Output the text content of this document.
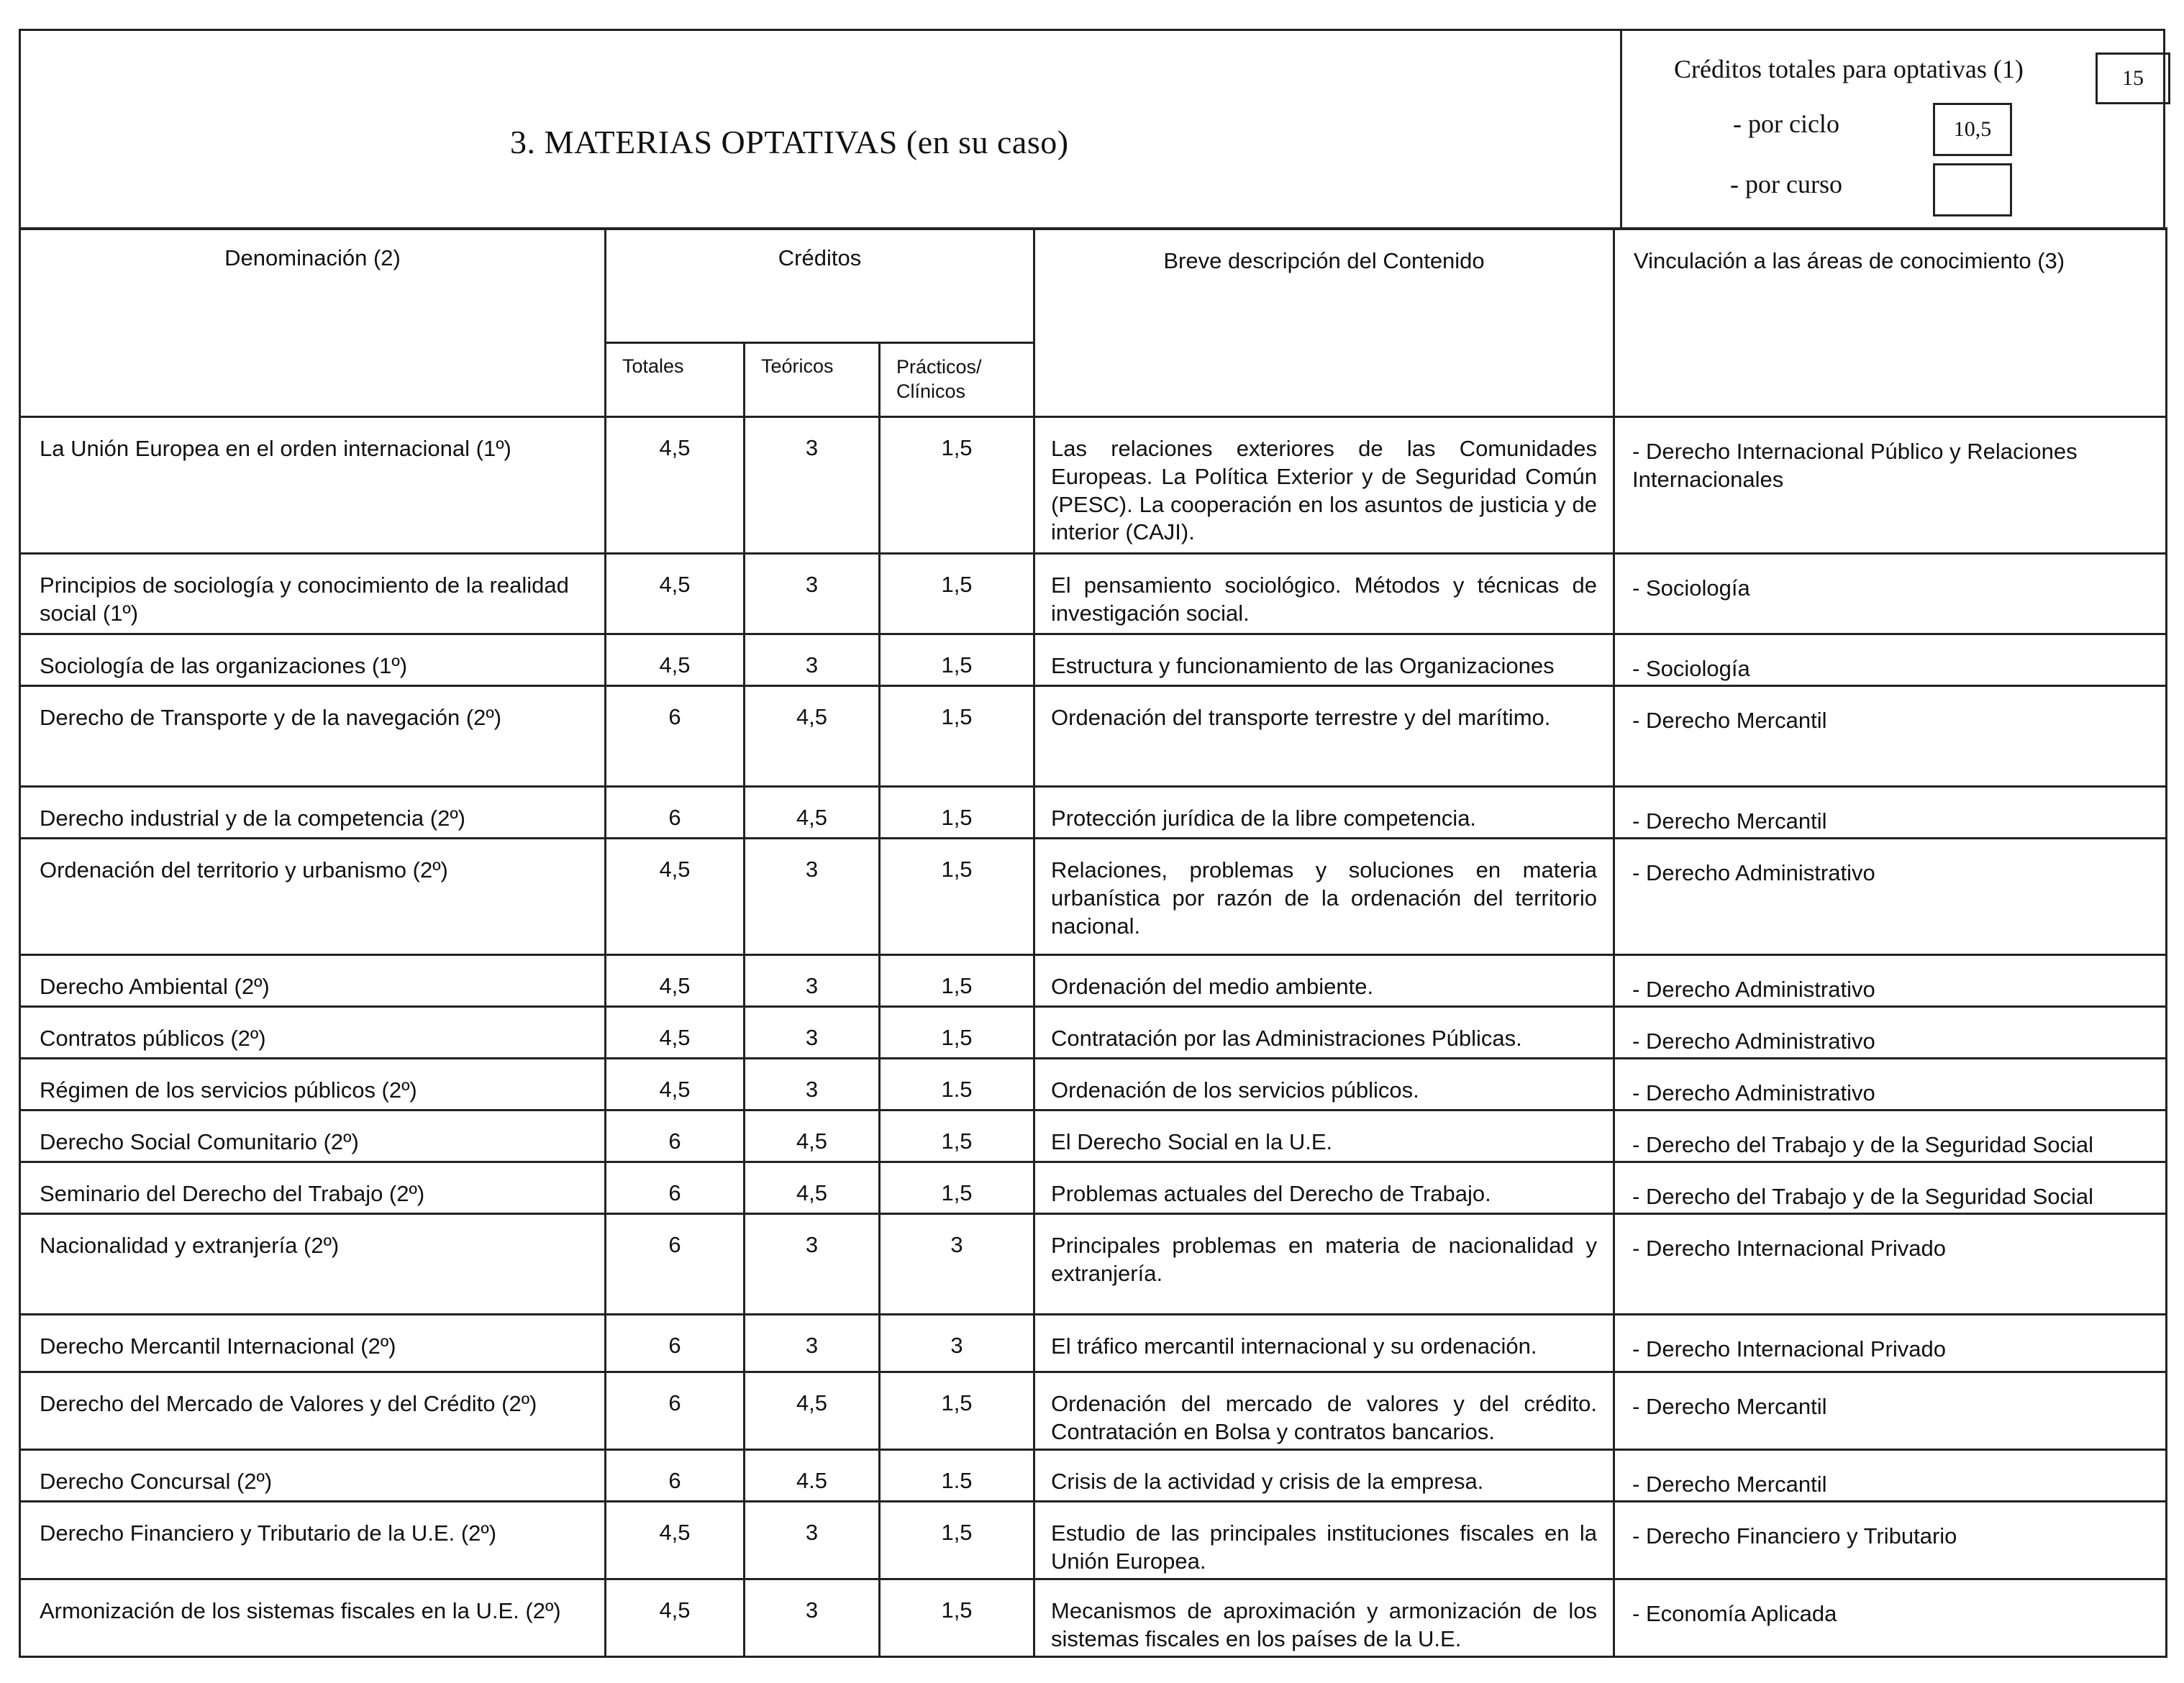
3. MATERIAS OPTATIVAS (en su caso)
Créditos totales para optativas (1)	15
- por ciclo	10,5
- por curso
Denominación (2)	Créditos			Breve descripción del Contenido	Vinculación a las áreas de conocimiento (3)
	Totales	Teóricos	Prácticos/ Clínicos		
La Unión Europea en el orden internacional (1º)	4,5	3	1,5	Las relaciones exteriores de las Comunidades Europeas. La Política Exterior y de Seguridad Común (PESC). La cooperación en los asuntos de justicia y de interior (CAJI).	- Derecho Internacional Público y Relaciones Internacionales
Principios de sociología y conocimiento de la realidad social (1º)	4,5	3	1,5	El pensamiento sociológico. Métodos y técnicas de investigación social.	- Sociología
Sociología de las organizaciones (1º)	4,5	3	1,5	Estructura y funcionamiento de las Organizaciones	- Sociología
Derecho de Transporte y de la navegación (2º)	6	4,5	1,5	Ordenación del transporte terrestre y del marítimo.	- Derecho Mercantil
Derecho industrial y de la competencia (2º)	6	4,5	1,5	Protección jurídica de la libre competencia.	- Derecho Mercantil
Ordenación del territorio y urbanismo (2º)	4,5	3	1,5	Relaciones, problemas y soluciones en materia urbanística por razón de la ordenación del territorio nacional.	- Derecho Administrativo
Derecho Ambiental (2º)	4,5	3	1,5	Ordenación del medio ambiente.	- Derecho Administrativo
Contratos públicos (2º)	4,5	3	1,5	Contratación por las Administraciones Públicas.	- Derecho Administrativo
Régimen de los servicios públicos (2º)	4,5	3	1.5	Ordenación de los servicios públicos.	- Derecho Administrativo
Derecho Social Comunitario (2º)	6	4,5	1,5	El Derecho Social en la U.E.	- Derecho del Trabajo y de la Seguridad Social
Seminario del Derecho del Trabajo (2º)	6	4,5	1,5	Problemas actuales del Derecho de Trabajo.	- Derecho del Trabajo y de la Seguridad Social
Nacionalidad y extranjería (2º)	6	3	3	Principales problemas en materia de nacionalidad y extranjería.	- Derecho Internacional Privado
Derecho Mercantil Internacional (2º)	6	3	3	El tráfico mercantil internacional y su ordenación.	- Derecho Internacional Privado
Derecho del Mercado de Valores y del Crédito (2º)	6	4,5	1,5	Ordenación del mercado de valores y del crédito. Contratación en Bolsa y contratos bancarios.	- Derecho Mercantil
Derecho Concursal (2º)	6	4.5	1.5	Crisis de la actividad y crisis de la empresa.	- Derecho Mercantil
Derecho Financiero y Tributario de la U.E. (2º)	4,5	3	1,5	Estudio de las principales instituciones fiscales en la Unión Europea.	- Derecho Financiero y Tributario
Armonización de los sistemas fiscales en la U.E. (2º)	4,5	3	1,5	Mecanismos de aproximación y armonización de los sistemas fiscales en los países de la U.E.	- Economía Aplicada
